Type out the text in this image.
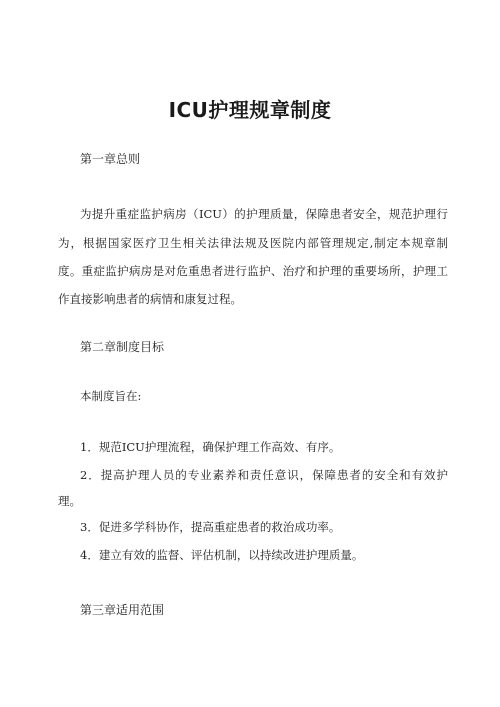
ICU护理规章制度
第一章总则
为提升重症监护病房（ICU）的护理质量，保障患者安全，规范护理行
为，根据国家医疗卫生相关法律法规及医院内部管理规定,制定本规章制
度。重症监护病房是对危重患者进行监护、治疗和护理的重要场所，护理工
作直接影响患者的病情和康复过程。
第二章制度目标
本制度旨在:
1．规范ICU护理流程，确保护理工作高效、有序。
2．提高护理人员的专业素养和责任意识，保障患者的安全和有效护
理。
3．促进多学科协作，提高重症患者的救治成功率。
4．建立有效的监督、评估机制，以持续改进护理质量。
第三章适用范围
